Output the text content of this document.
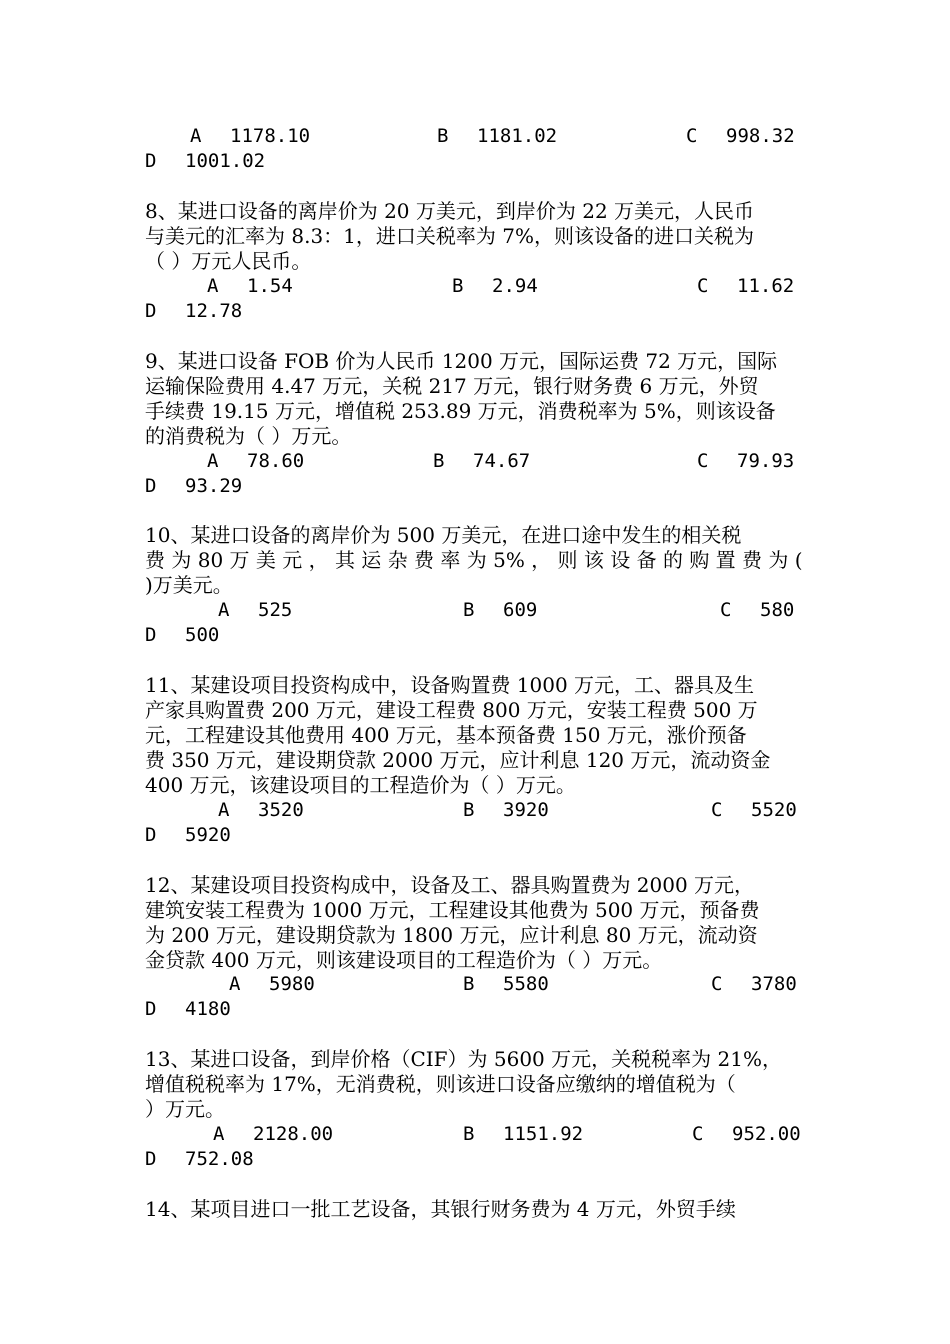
A 1178.10	B 1181.02	C 998.32
D 1001.02
8、某进口设备的离岸价为 20 万美元，到岸价为 22 万美元，人民币
与美元的汇率为 8.3：1，进口关税率为 7%，则该设备的进口关税为
（ ）万元人民币。
A 1.54	B 2.94	C 11.62
D 12.78
9、某进口设备 FOB 价为人民币 1200 万元，国际运费 72 万元，国际
运输保险费用 4.47 万元，关税 217 万元，银行财务费 6 万元，外贸
手续费 19.15 万元，增值税 253.89 万元，消费税率为 5%，则该设备
的消费税为（ ）万元。
A 78.60	B 74.67	C 79.93
D 93.29
10、某进口设备的离岸价为 500 万美元，在进口途中发生的相关税
费 为 80 万 美 元 ， 其 运 杂 费 率 为 5% ， 则 该 设 备 的 购 置 费 为 (
)万美元。
A 525	B 609	C 580
D 500
11、某建设项目投资构成中，设备购置费 1000 万元，工、器具及生
产家具购置费 200 万元，建设工程费 800 万元，安装工程费 500 万
元，工程建设其他费用 400 万元，基本预备费 150 万元，涨价预备
费 350 万元，建设期贷款 2000 万元，应计利息 120 万元，流动资金
400 万元，该建设项目的工程造价为（ ）万元。
A 3520	B 3920	C 5520
D 5920
12、某建设项目投资构成中，设备及工、器具购置费为 2000 万元，
建筑安装工程费为 1000 万元，工程建设其他费为 500 万元，预备费
为 200 万元，建设期贷款为 1800 万元，应计利息 80 万元，流动资
金贷款 400 万元，则该建设项目的工程造价为（ ）万元。
A 5980	B 5580	C 3780
D 4180
13、某进口设备，到岸价格（CIF）为 5600 万元，关税税率为 21%，
增值税税率为 17%，无消费税，则该进口设备应缴纳的增值税为（
）万元。
A 2128.00	B 1151.92	C 952.00
D 752.08
14、某项目进口一批工艺设备，其银行财务费为 4 万元，外贸手续
